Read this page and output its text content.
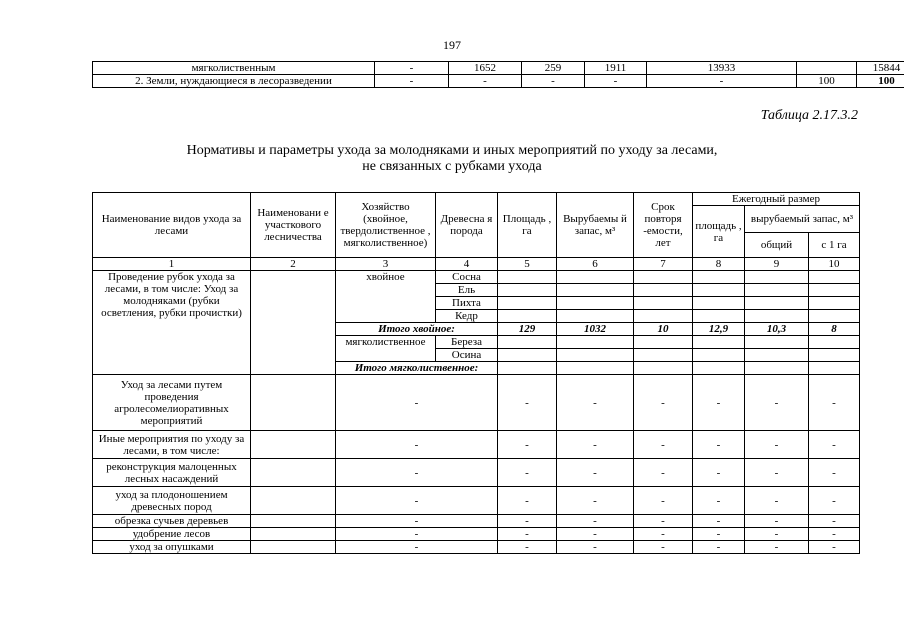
197
мягколиственным	-	1652	259	1911	13933		15844
2. Земли, нуждающиеся в лесоразведении	-	-	-	-	-	100	100
Таблица 2.17.3.2
Нормативы и параметры ухода за молодняками и иных мероприятий по уходу за лесами,
не связанных с рубками ухода
Наименование видов ухода за лесами	Наименовани е участкового лесничества	Хозяйство (хвойное, твердолиственное , мягколиственное)	Древесна я порода	Площадь , га	Вырубаемы й запас, м³	Срок повторя -емости, лет	Ежегодный размер		
							площадь , га	вырубаемый запас, м³	
								общий	с 1 га
1	2	3	4	5	6	7	8	9	10
Проведение рубок ухода за лесами, в том числе: Уход за молодняками (рубки осветления, рубки прочистки)		хвойное	Сосна						
			Ель						
			Пихта						
			Кедр						
		Итого хвойное:		129	1032	10	12,9	10,3	8
		мягколиственное	Береза						
			Осина						
		Итого мягколиственное:							
Уход за лесами путем проведения агролесомелиоративных мероприятий		-		-	-	-	-	-	-
Иные мероприятия по уходу за лесами, в том числе:		-		-	-	-	-	-	-
реконструкция малоценных лесных насаждений		-		-	-	-	-	-	-
уход за плодоношением древесных пород		-		-	-	-	-	-	-
обрезка сучьев деревьев		-		-	-	-	-	-	-
удобрение лесов		-		-	-	-	-	-	-
уход за опушками		-		-	-	-	-	-	-
